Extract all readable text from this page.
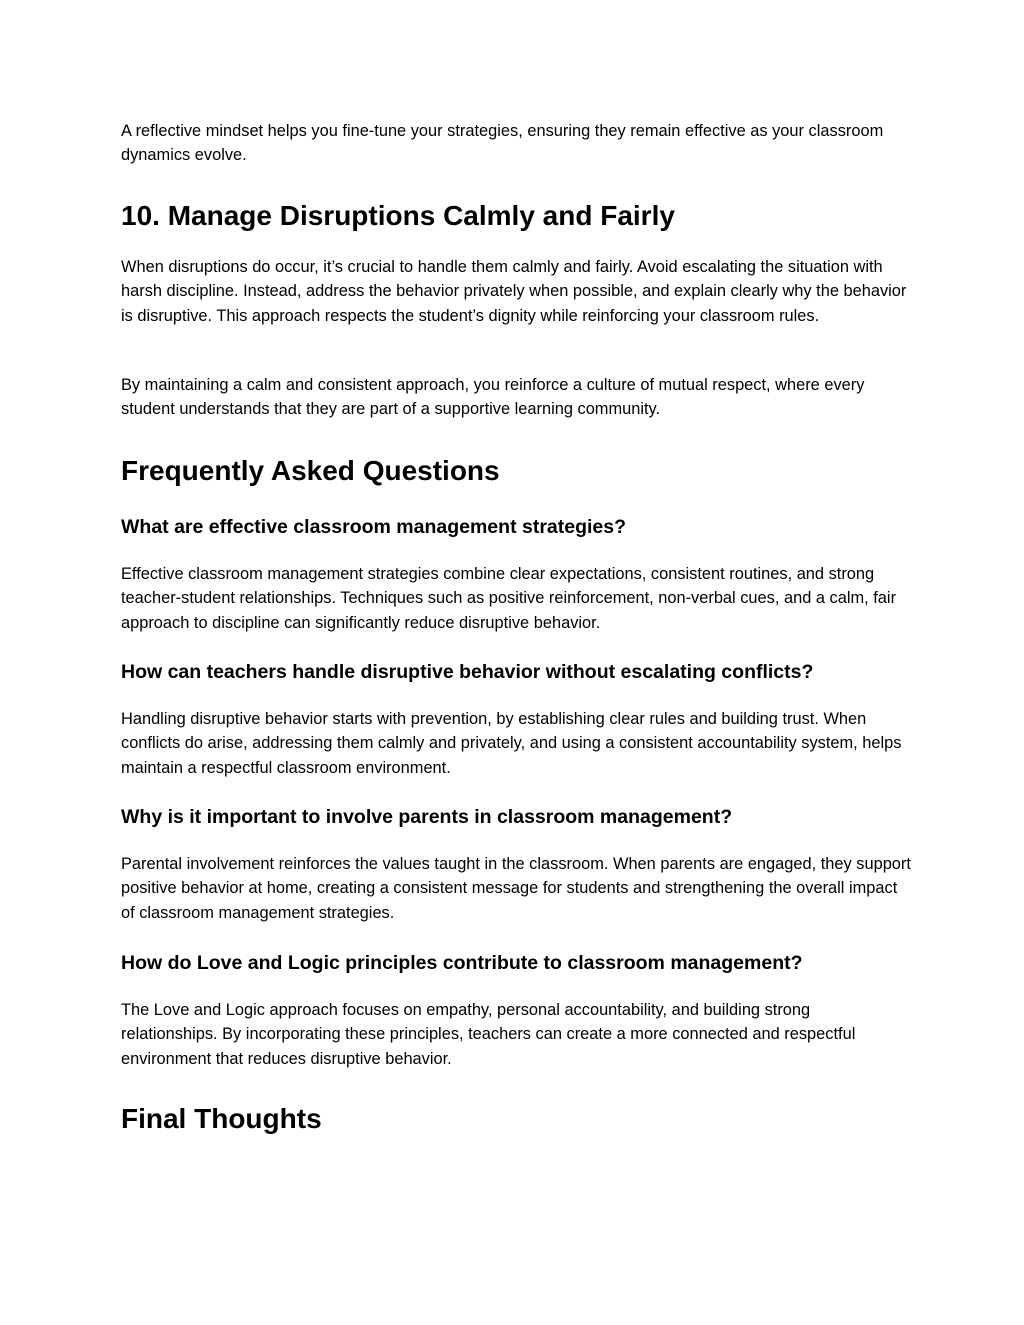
A reflective mindset helps you fine-tune your strategies, ensuring they remain effective as your classroom dynamics evolve.

10. Manage Disruptions Calmly and Fairly

When disruptions do occur, it’s crucial to handle them calmly and fairly. Avoid escalating the situation with harsh discipline. Instead, address the behavior privately when possible, and explain clearly why the behavior is disruptive. This approach respects the student’s dignity while reinforcing your classroom rules.

By maintaining a calm and consistent approach, you reinforce a culture of mutual respect, where every student understands that they are part of a supportive learning community.

Frequently Asked Questions
What are effective classroom management strategies?

Effective classroom management strategies combine clear expectations, consistent routines, and strong teacher-student relationships. Techniques such as positive reinforcement, non-verbal cues, and a calm, fair approach to discipline can significantly reduce disruptive behavior.

How can teachers handle disruptive behavior without escalating conflicts?

Handling disruptive behavior starts with prevention, by establishing clear rules and building trust. When conflicts do arise, addressing them calmly and privately, and using a consistent accountability system, helps maintain a respectful classroom environment.

Why is it important to involve parents in classroom management?

Parental involvement reinforces the values taught in the classroom. When parents are engaged, they support positive behavior at home, creating a consistent message for students and strengthening the overall impact of classroom management strategies.

How do Love and Logic principles contribute to classroom management?

The Love and Logic approach focuses on empathy, personal accountability, and building strong relationships. By incorporating these principles, teachers can create a more connected and respectful environment that reduces disruptive behavior.

Final Thoughts
